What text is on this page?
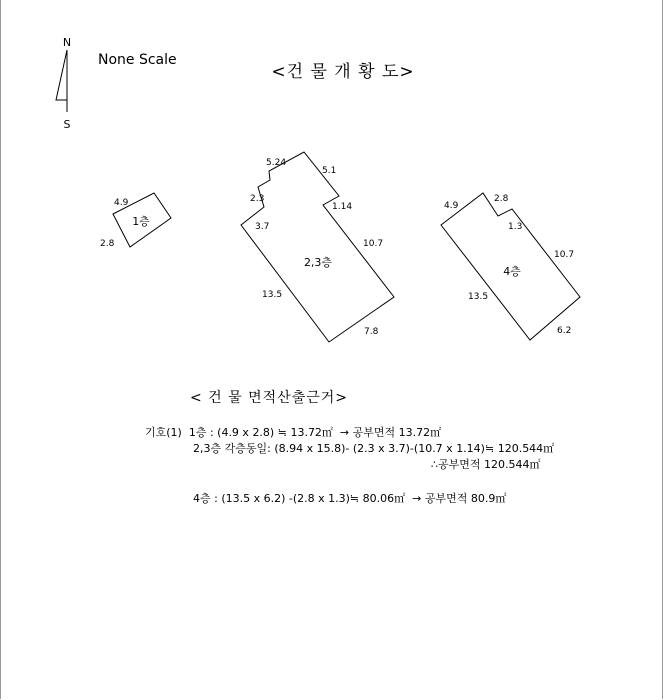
N
S
None Scale
<건 물 개 황 도>
1층
4.9
2.8
2,3층
5.24
5.1
2.3
1.14
3.7
10.7
13.5
7.8
4층
4.9
2.8
1.3
10.7
13.5
6.2
< 건 물 면적산출근거>
기호(1)  1층 : (4.9 x 2.8) ≒ 13.72㎡  → 공부면적 13.72㎡
2,3층 각층동일: (8.94 x 15.8)- (2.3 x 3.7)-(10.7 x 1.14)≒ 120.544㎡
∴공부면적 120.544㎡
4층 : (13.5 x 6.2) -(2.8 x 1.3)≒ 80.06㎡  → 공부면적 80.9㎡
